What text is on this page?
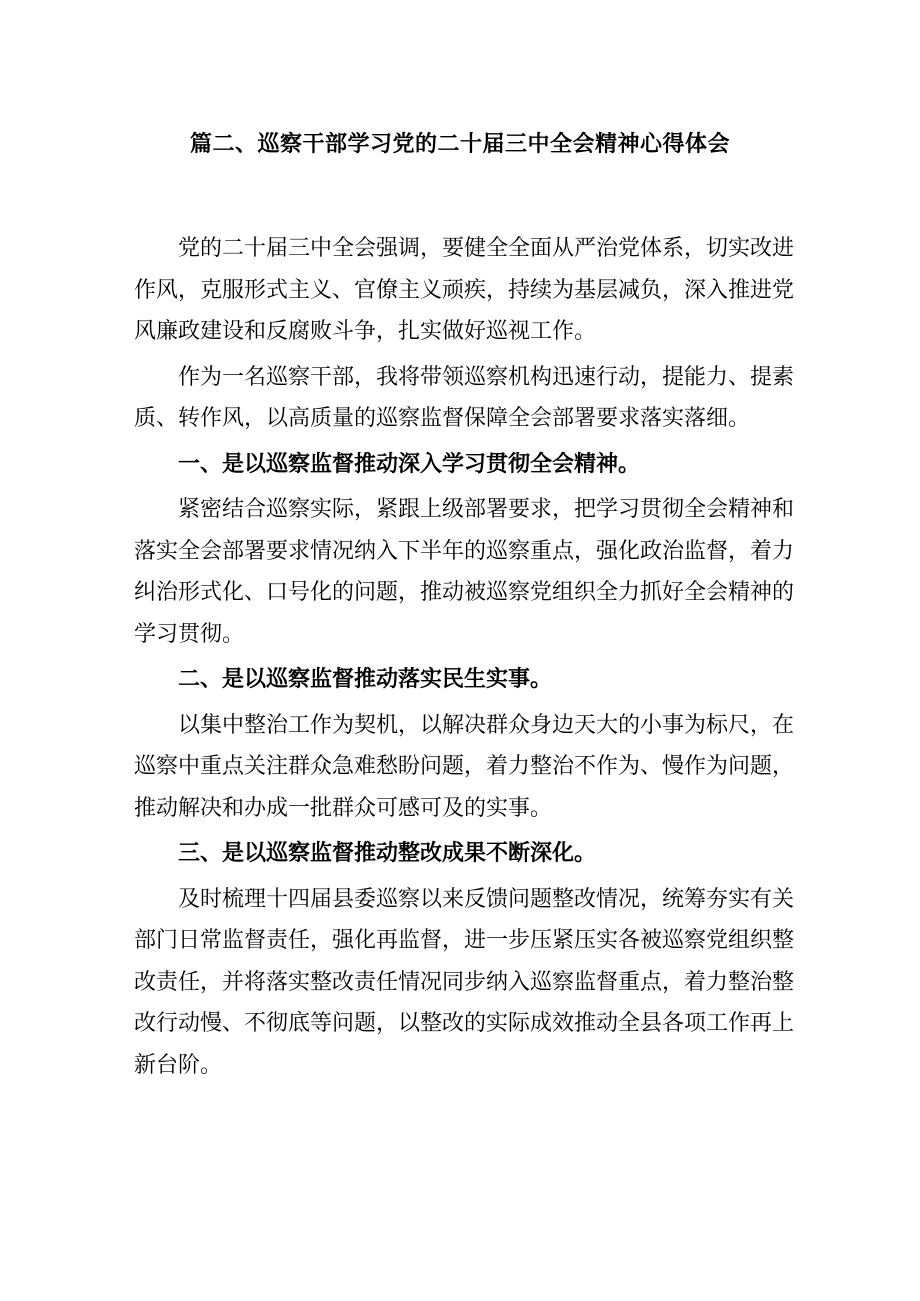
篇二、巡察干部学习党的二十届三中全会精神心得体会

党的二十届三中全会强调，要健全全面从严治党体系，切实改进作风，克服形式主义、官僚主义顽疾，持续为基层减负，深入推进党风廉政建设和反腐败斗争，扎实做好巡视工作。

作为一名巡察干部，我将带领巡察机构迅速行动，提能力、提素质、转作风，以高质量的巡察监督保障全会部署要求落实落细。

一、是以巡察监督推动深入学习贯彻全会精神。

紧密结合巡察实际，紧跟上级部署要求，把学习贯彻全会精神和落实全会部署要求情况纳入下半年的巡察重点，强化政治监督，着力纠治形式化、口号化的问题，推动被巡察党组织全力抓好全会精神的学习贯彻。

二、是以巡察监督推动落实民生实事。

以集中整治工作为契机，以解决群众身边天大的小事为标尺，在巡察中重点关注群众急难愁盼问题，着力整治不作为、慢作为问题，推动解决和办成一批群众可感可及的实事。

三、是以巡察监督推动整改成果不断深化。

及时梳理十四届县委巡察以来反馈问题整改情况，统筹夯实有关部门日常监督责任，强化再监督，进一步压紧压实各被巡察党组织整改责任，并将落实整改责任情况同步纳入巡察监督重点，着力整治整改行动慢、不彻底等问题，以整改的实际成效推动全县各项工作再上新台阶。
